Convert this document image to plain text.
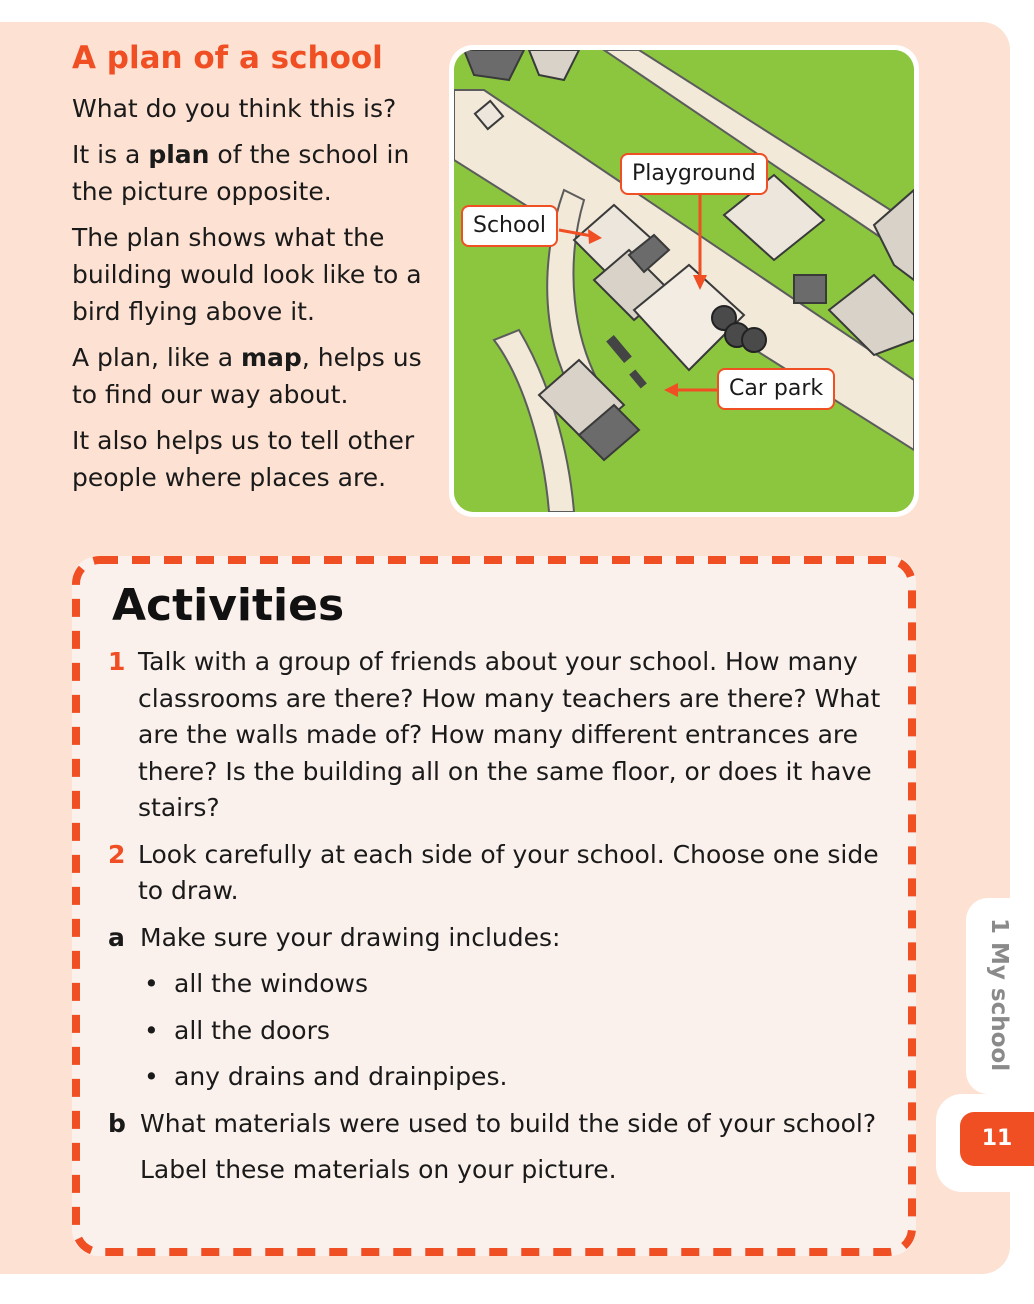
A plan of a school

What do you think this is?

It is a plan of the school in the picture opposite.

The plan shows what the building would look like to a bird flying above it.

A plan, like a map, helps us to find our way about.

It also helps us to tell other people where places are.

Playground
School
Car park
Activities
1 Talk with a group of friends about your school. How many classrooms are there? How many teachers are there? What are the walls made of? How many different entrances are there? Is the building all on the same floor, or does it have stairs?
2 Look carefully at each side of your school. Choose one side to draw.
a Make sure your drawing includes:
• all the windows
• all the doors
• any drains and drainpipes.
b What materials were used to build the side of your school?
Label these materials on your picture.
1 My school
11
